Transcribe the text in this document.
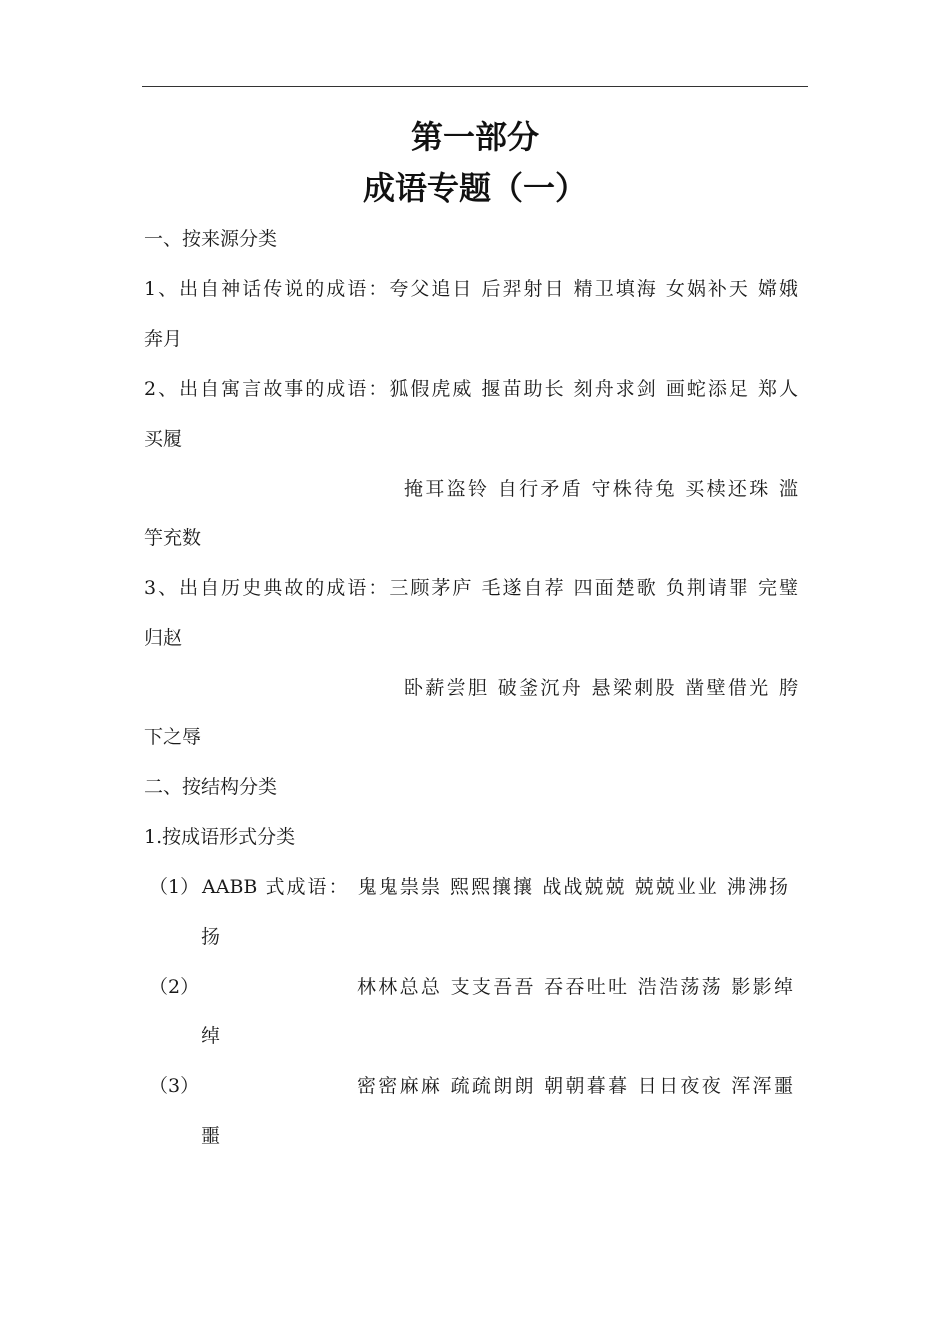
第一部分
成语专题（一）
一、按来源分类
1、出自神话传说的成语：夸父追日 后羿射日 精卫填海 女娲补天 嫦娥
奔月
2、出自寓言故事的成语：狐假虎威 揠苗助长 刻舟求剑 画蛇添足 郑人
买履
掩耳盗铃 自行矛盾 守株待兔 买椟还珠 滥
竽充数
3、出自历史典故的成语：三顾茅庐 毛遂自荐 四面楚歌 负荆请罪 完璧
归赵
卧薪尝胆 破釜沉舟 悬梁刺股 凿壁借光 胯
下之辱
二、按结构分类
1.按成语形式分类
（1） AABB 式成语： 鬼鬼祟祟 熙熙攘攘 战战兢兢 兢兢业业 沸沸扬
扬
（2）	林林总总 支支吾吾 吞吞吐吐 浩浩荡荡 影影绰
绰
（3）	密密麻麻 疏疏朗朗 朝朝暮暮 日日夜夜 浑浑噩
噩
